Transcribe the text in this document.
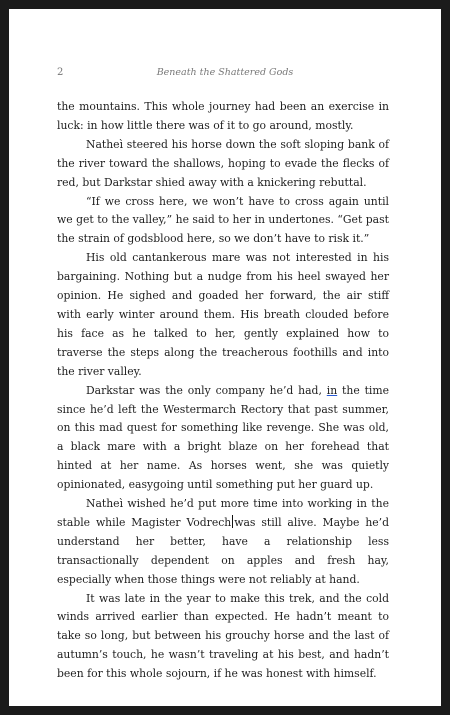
2	Beneath the Shattered Gods

the mountains. This whole journey had been an exercise in luck: in how little there was of it to go around, mostly.

Natheì steered his horse down the soft sloping bank of the river toward the shallows, hoping to evade the flecks of red, but Darkstar shied away with a knickering rebuttal.

“If we cross here, we won’t have to cross again until we get to the valley,” he said to her in undertones. “Get past the strain of godsblood here, so we don’t have to risk it.”

His old cantankerous mare was not interested in his bargaining. Nothing but a nudge from his heel swayed her opinion. He sighed and goaded her forward, the air stiff with early winter around them. His breath clouded before his face as he talked to her, gently explained how to traverse the steps along the treacherous foothills and into the river valley.

Darkstar was the only company he’d had, in the time since he’d left the Westermarch Rectory that past summer, on this mad quest for something like revenge. She was old, a black mare with a bright blaze on her forehead that hinted at her name. As horses went, she was quietly opinionated, easygoing until something put her guard up.

Natheì wished he’d put more time into working in the stable while Magister Vodrech was still alive. Maybe he’d understand her better, have a relationship less transactionally dependent on apples and fresh hay, especially when those things were not reliably at hand.

It was late in the year to make this trek, and the cold winds arrived earlier than expected. He hadn’t meant to take so long, but between his grouchy horse and the last of autumn’s touch, he wasn’t traveling at his best, and hadn’t been for this whole sojourn, if he was honest with himself.
